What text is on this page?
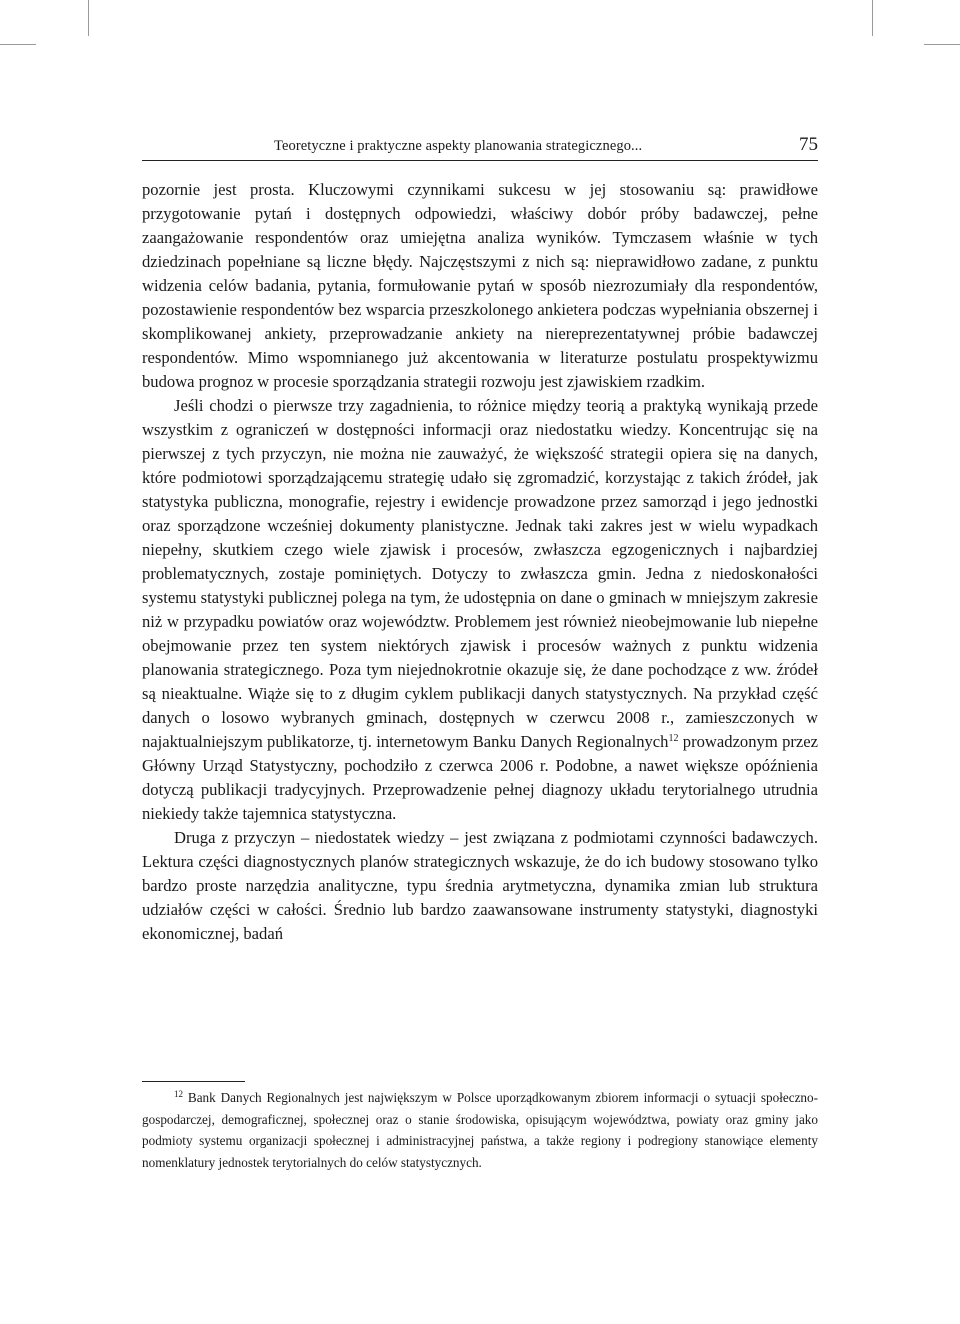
Teoretyczne i praktyczne aspekty planowania strategicznego...	75

pozornie jest prosta. Kluczowymi czynnikami sukcesu w jej stosowaniu są: prawidłowe przygotowanie pytań i dostępnych odpowiedzi, właściwy dobór próby badawczej, pełne zaangażowanie respondentów oraz umiejętna analiza wyników. Tymczasem właśnie w tych dziedzinach popełniane są liczne błędy. Najczęstszymi z nich są: nieprawidłowo zadane, z punktu widzenia celów badania, pytania, formułowanie pytań w sposób niezrozumiały dla respondentów, pozostawienie respondentów bez wsparcia przeszkolonego ankietera podczas wypełniania obszernej i skomplikowanej ankiety, przeprowadzanie ankiety na niereprezentatywnej próbie badawczej respondentów. Mimo wspomnianego już akcentowania w literaturze postulatu prospektywizmu budowa prognoz w procesie sporządzania strategii rozwoju jest zjawiskiem rzadkim.

Jeśli chodzi o pierwsze trzy zagadnienia, to różnice między teorią a praktyką wynikają przede wszystkim z ograniczeń w dostępności informacji oraz niedostatku wiedzy. Koncentrując się na pierwszej z tych przyczyn, nie można nie zauważyć, że większość strategii opiera się na danych, które podmiotowi sporządzającemu strategię udało się zgromadzić, korzystając z takich źródeł, jak statystyka publiczna, monografie, rejestry i ewidencje prowadzone przez samorząd i jego jednostki oraz sporządzone wcześniej dokumenty planistyczne. Jednak taki zakres jest w wielu wypadkach niepełny, skutkiem czego wiele zjawisk i procesów, zwłaszcza egzogenicznych i najbardziej problematycznych, zostaje pominiętych. Dotyczy to zwłaszcza gmin. Jedna z niedoskonałości systemu statystyki publicznej polega na tym, że udostępnia on dane o gminach w mniejszym zakresie niż w przypadku powiatów oraz województw. Problemem jest również nieobejmowanie lub niepełne obejmowanie przez ten system niektórych zjawisk i procesów ważnych z punktu widzenia planowania strategicznego. Poza tym niejednokrotnie okazuje się, że dane pochodzące z ww. źródeł są nieaktualne. Wiąże się to z długim cyklem publikacji danych statystycznych. Na przykład część danych o losowo wybranych gminach, dostępnych w czerwcu 2008 r., zamieszczonych w najaktualniejszym publikatorze, tj. internetowym Banku Danych Regionalnych$^{12}$ prowadzonym przez Główny Urząd Statystyczny, pochodziło z czerwca 2006 r. Podobne, a nawet większe opóźnienia dotyczą publikacji tradycyjnych. Przeprowadzenie pełnej diagnozy układu terytorialnego utrudnia niekiedy także tajemnica statystyczna.

Druga z przyczyn – niedostatek wiedzy – jest związana z podmiotami czynności badawczych. Lektura części diagnostycznych planów strategicznych wskazuje, że do ich budowy stosowano tylko bardzo proste narzędzia analityczne, typu średnia arytmetyczna, dynamika zmian lub struktura udziałów części w całości. Średnio lub bardzo zaawansowane instrumenty statystyki, diagnostyki ekonomicznej, badań

$^{12}$ Bank Danych Regionalnych jest największym w Polsce uporządkowanym zbiorem informacji o sytuacji społeczno-gospodarczej, demograficznej, społecznej oraz o stanie środowiska, opisującym województwa, powiaty oraz gminy jako podmioty systemu organizacji społecznej i administracyjnej państwa, a także regiony i podregiony stanowiące elementy nomenklatury jednostek terytorialnych do celów statystycznych.
